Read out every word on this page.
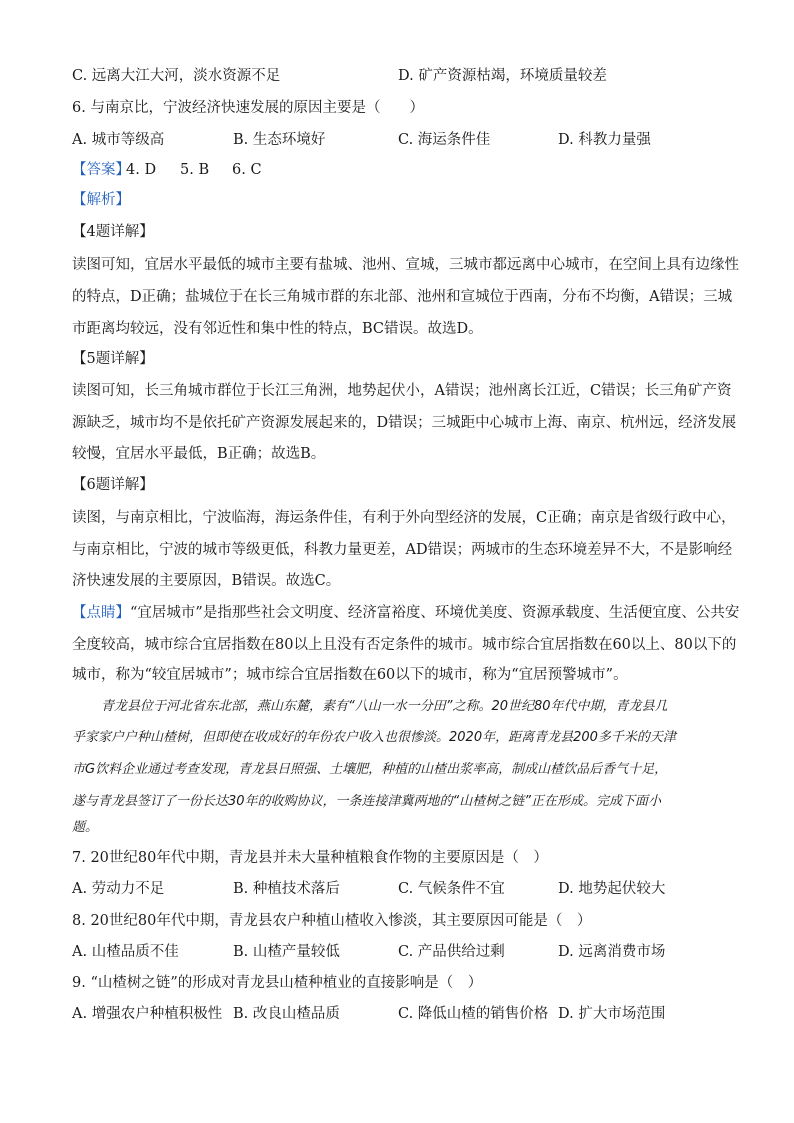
C. 远离大江大河，淡水资源不足	D. 矿产资源枯竭，环境质量较差
6. 与南京比，宁波经济快速发展的原因主要是（　　）
A. 城市等级高	B. 生态环境好	C. 海运条件佳	D. 科教力量强
【答案】
4. D 5. B 6. C
【解析】
【4题详解】
读图可知，宜居水平最低的城市主要有盐城、池州、宣城，三城市都远离中心城市，在空间上具有边缘性
的特点，D正确；盐城位于在长三角城市群的东北部、池州和宣城位于西南，分布不均衡，A错误；三城
市距离均较远，没有邻近性和集中性的特点，BC错误。故选D。
【5题详解】
读图可知，长三角城市群位于长江三角洲，地势起伏小，A错误；池州离长江近，C错误；长三角矿产资
源缺乏，城市均不是依托矿产资源发展起来的，D错误；三城距中心城市上海、南京、杭州远，经济发展
较慢，宜居水平最低，B正确；故选B。
【6题详解】
读图，与南京相比，宁波临海，海运条件佳，有利于外向型经济的发展，C正确；南京是省级行政中心，
与南京相比，宁波的城市等级更低，科教力量更差，AD错误；两城市的生态环境差异不大，不是影响经
济快速发展的主要原因，B错误。故选C。
【点睛】 “宜居城市”是指那些社会文明度、经济富裕度、环境优美度、资源承载度、生活便宜度、公共安
全度较高，城市综合宜居指数在80以上且没有否定条件的城市。城市综合宜居指数在60以上、80以下的
城市，称为“较宜居城市”；城市综合宜居指数在60以下的城市，称为“宜居预警城市”。
青龙县位于河北省东北部，燕山东麓，素有“八山一水一分田”之称。20世纪80年代中期，青龙县几
乎家家户户种山楂树，但即使在收成好的年份农户收入也很惨淡。2020年，距离青龙县200多千米的天津
市G饮料企业通过考查发现，青龙县日照强、土壤肥，种植的山楂出浆率高，制成山楂饮品后香气十足，
遂与青龙县签订了一份长达30年的收购协议，一条连接津冀两地的“山楂树之链”正在形成。完成下面小
题。
7. 20世纪80年代中期，青龙县并未大量种植粮食作物的主要原因是（　）
A. 劳动力不足	B. 种植技术落后	C. 气候条件不宜	D. 地势起伏较大
8. 20世纪80年代中期，青龙县农户种植山楂收入惨淡，其主要原因可能是（　）
A. 山楂品质不佳	B. 山楂产量较低	C. 产品供给过剩	D. 远离消费市场
9. “山楂树之链”的形成对青龙县山楂种植业的直接影响是（　）
A. 增强农户种植积极性 B. 改良山楂品质	C. 降低山楂的销售价格 D. 扩大市场范围
